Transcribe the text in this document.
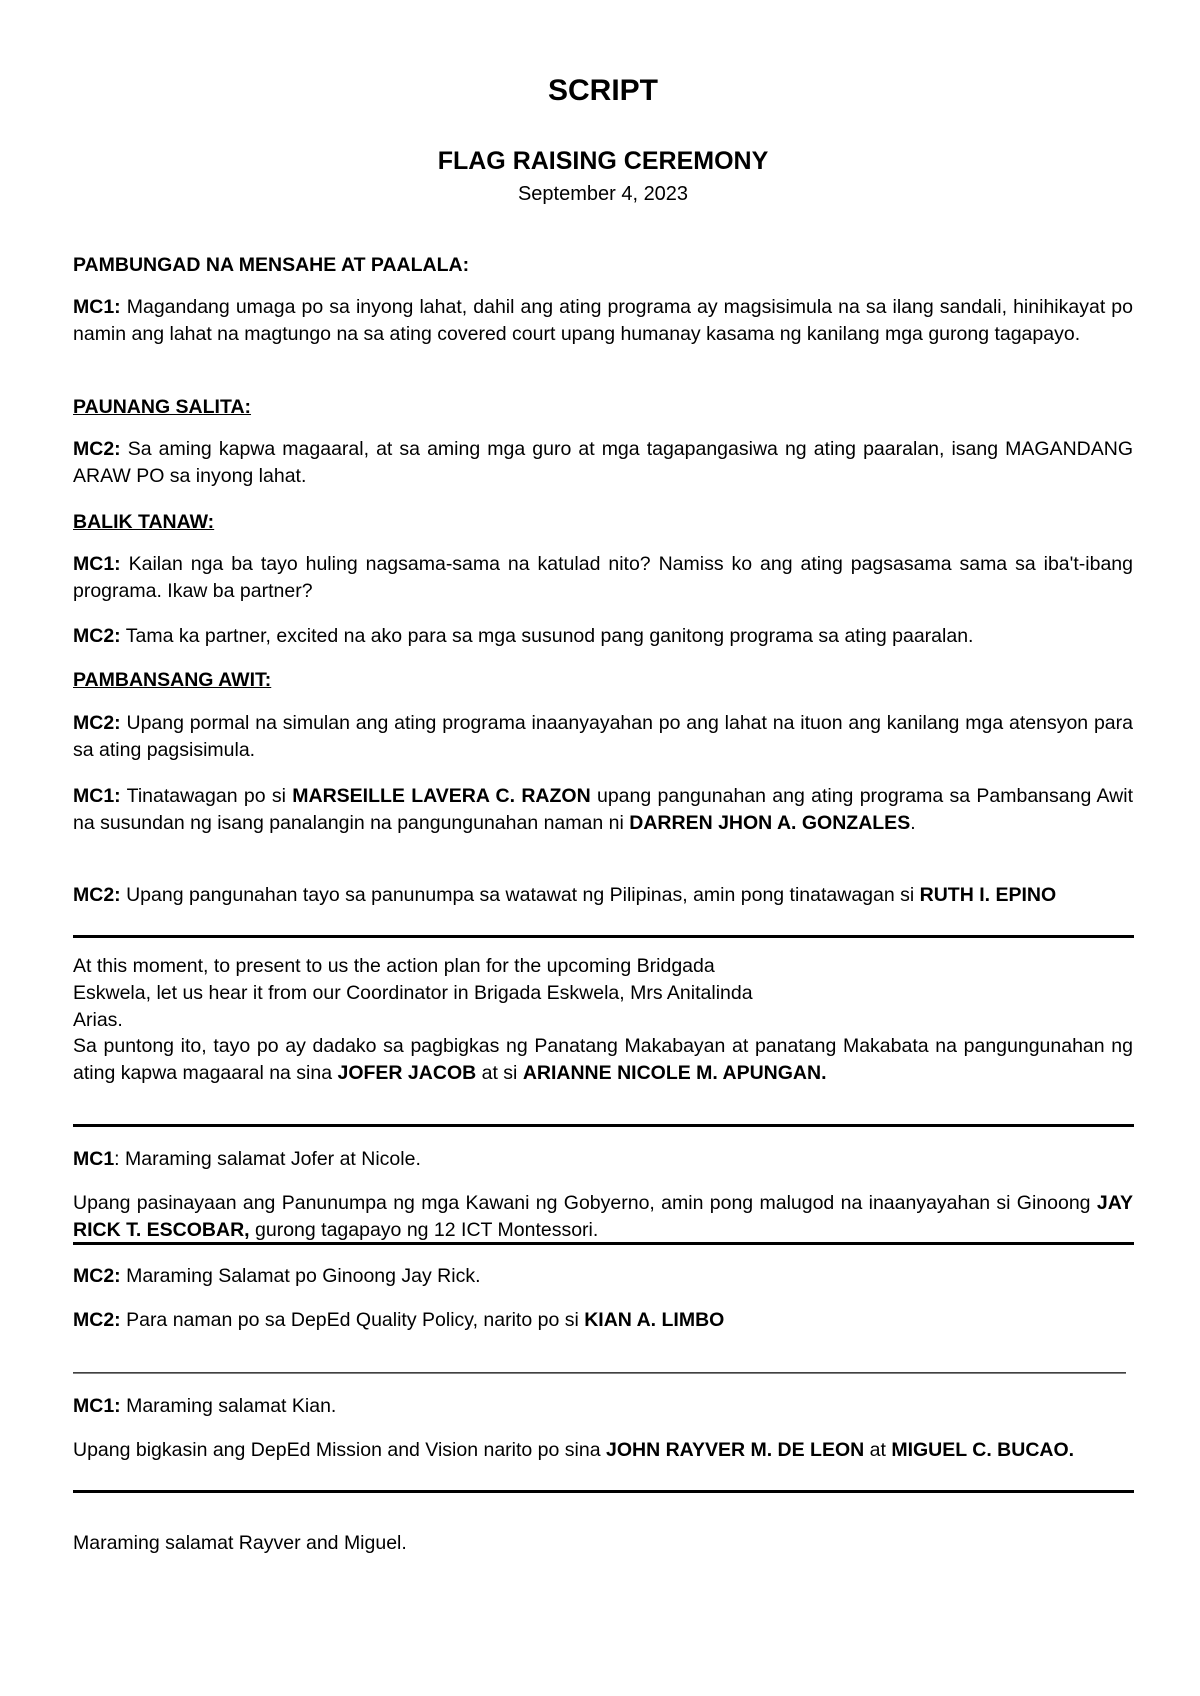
SCRIPT
FLAG RAISING CEREMONY
September 4, 2023
PAMBUNGAD NA MENSAHE AT PAALALA:
MC1: Magandang umaga po sa inyong lahat, dahil ang ating programa ay magsisimula na sa ilang sandali, hinihikayat po namin ang lahat na magtungo na sa ating covered court upang humanay kasama ng kanilang mga gurong tagapayo.
PAUNANG SALITA:
MC2: Sa aming kapwa magaaral, at sa aming mga guro at mga tagapangasiwa ng ating paaralan, isang MAGANDANG ARAW PO sa inyong lahat.
BALIK TANAW:
MC1: Kailan nga ba tayo huling nagsama-sama na katulad nito? Namiss ko ang ating pagsasama sama sa iba't-ibang programa. Ikaw ba partner?
MC2: Tama ka partner, excited na ako para sa mga susunod pang ganitong programa sa ating paaralan.
PAMBANSANG AWIT:
MC2: Upang pormal na simulan ang ating programa inaanyayahan po ang lahat na ituon ang kanilang mga atensyon para sa ating pagsisimula.
MC1: Tinatawagan po si MARSEILLE LAVERA C. RAZON upang pangunahan ang ating programa sa Pambansang Awit na susundan ng isang panalangin na pangungunahan naman ni DARREN JHON A. GONZALES.
MC2: Upang pangunahan tayo sa panunumpa sa watawat ng Pilipinas, amin pong tinatawagan si RUTH I. EPINO
At this moment, to present to us the action plan for the upcoming Bridgada
Eskwela, let us hear it from our Coordinator in Brigada Eskwela, Mrs Anitalinda
Arias.
Sa puntong ito, tayo po ay dadako sa pagbigkas ng Panatang Makabayan at panatang Makabata na pangungunahan ng ating kapwa magaaral na sina JOFER JACOB at si ARIANNE NICOLE M. APUNGAN.
MC1: Maraming salamat Jofer at Nicole.
Upang pasinayaan ang Panunumpa ng mga Kawani ng Gobyerno, amin pong malugod na inaanyayahan si Ginoong JAY RICK T. ESCOBAR, gurong tagapayo ng 12 ICT Montessori.
MC2: Maraming Salamat po Ginoong Jay Rick.
MC2: Para naman po sa DepEd Quality Policy, narito po si KIAN A. LIMBO
——————————————————————————————————————————————————————
MC1: Maraming salamat Kian.
Upang bigkasin ang DepEd Mission and Vision narito po sina JOHN RAYVER M. DE LEON at MIGUEL C. BUCAO.
Maraming salamat Rayver and Miguel.
